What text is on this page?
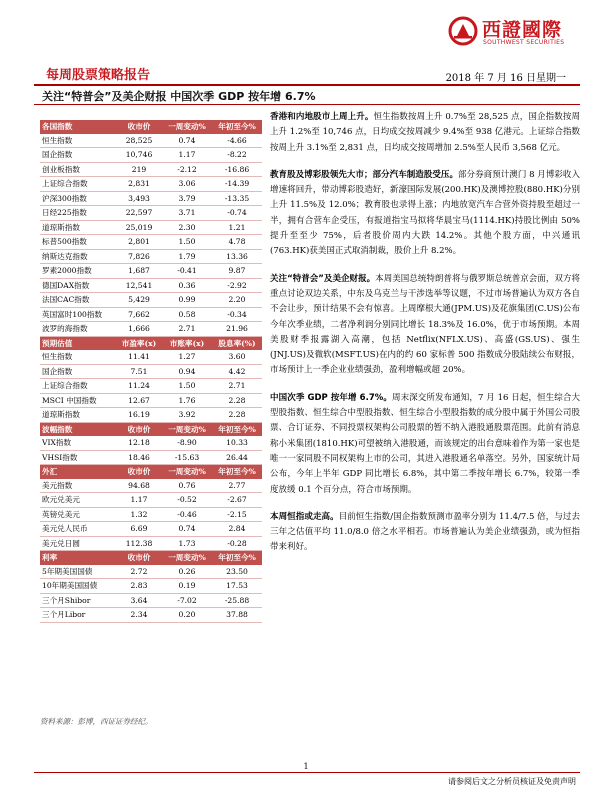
西證國際
SOUTHWEST SECURITIES
每周股票策略报告	2018 年 7 月 16 日星期一
关注“特普会”及美企财报 中国次季 GDP 按年增 6.7%
各国指数	收市价	一周变动%	年初至今%
恒生指数	28,525	0.74	-4.66
国企指数	10,746	1.17	-8.22
创业板指数	219	-2.12	-16.86
上证综合指数	2,831	3.06	-14.39
沪深300指数	3,493	3.79	-13.35
日经225指数	22,597	3.71	-0.74
道琼斯指数	25,019	2.30	1.21
标普500指数	2,801	1.50	4.78
纳斯达克指数	7,826	1.79	13.36
罗素2000指数	1,687	-0.41	9.87
德国DAX指数	12,541	0.36	-2.92
法国CAC指数	5,429	0.99	2.20
英国富时100指数	7,662	0.58	-0.34
波罗的海指数	1,666	2.71	21.96
预期估值	市盈率(x)	市账率(x)	股息率(%)
恒生指数	11.41	1.27	3.60
国企指数	7.51	0.94	4.42
上证综合指数	11.24	1.50	2.71
MSCI 中国指数	12.67	1.76	2.28
道琼斯指数	16.19	3.92	2.28
波幅指数	收市价	一周变动%	年初至今%
VIX指数	12.18	-8.90	10.33
VHSI指数	18.46	-15.63	26.44
外汇	收市价	一周变动%	年初至今%
美元指数	94.68	0.76	2.77
欧元兑美元	1.17	-0.52	-2.67
英镑兑美元	1.32	-0.46	-2.15
美元兑人民币	6.69	0.74	2.84
美元兑日圆	112.38	1.73	-0.28
利率	收市价	一周变动%	年初至今%
5年期美国国债	2.72	0.26	23.50
10年期美国国债	2.83	0.19	17.53
三个月Shibor	3.64	-7.02	-25.88
三个月Libor	2.34	0.20	37.88
资料来源：彭博，西证证券经纪。

香港和内地股市上周上升。恒生指数按周上升 0.7%至 28,525 点，国企指数按周上升 1.2%至 10,746 点，日均成交按周减少 9.4%至 938 亿港元。上证综合指数按周上升 3.1%至 2,831 点，日均成交按周增加 2.5%至人民币 3,568 亿元。

教育股及博彩股领先大市；部分汽车制造股受压。部分券商预计澳门 8 月博彩收入增速将回升，带动博彩股造好，新濠国际发展(200.HK)及澳博控股(880.HK)分别上升 11.5%及 12.0%；教育股也录得上涨；内地放宽汽车合营外资持股至超过一半，拥有合营车企受压，有报道指宝马拟将华晨宝马(1114.HK)持股比例由 50%提升至至少 75%，后者股价周内大跌 14.2%。其他个股方面，中兴通讯(763.HK)获美国正式取消制裁，股价上升 8.2%。

关注“特普会”及美企财报。本周美国总统特朗普将与俄罗斯总统普京会面，双方将重点讨论双边关系，中东及乌克兰与干涉选举等议题，不过市场普遍认为双方各自不会让步，预计结果不会有惊喜。上周摩根大通(JPM.US)及花旗集团(C.US)公布今年次季业绩，二者净利润分别同比增长 18.3%及 16.0%，优于市场预期。本周美股财季报露湖入高潮，包括 Netflix(NFLX.US)、高盛(GS.US)、强生(JNJ.US)及微软(MSFT.US)在内的约 60 家标普 500 指数成分股陆续公布财报，市场预计上一季企业业绩强劲，盈利增幅或超 20%。

中国次季 GDP 按年增 6.7%。周末深交所发布通知，7 月 16 日起，恒生综合大型股指数、恒生综合中型股指数、恒生综合小型股指数的成分股中属于外国公司股票、合订证券、不同投票权架构公司股票的暂不纳入港股通股票范围。此前有消息称小米集团(1810.HK)可望被纳入港股通，而该规定的出台意味着作为第一家也是唯一一家同股不同权架构上市的公司，其进入港股通名单落空。另外，国家统计局公布，今年上半年 GDP 同比增长 6.8%，其中第二季按年增长 6.7%，较第一季度放缓 0.1 个百分点，符合市场预期。

本周恒指或走高。目前恒生指数/国企指数预测市盈率分别为 11.4/7.5 倍，与过去三年之估值平均 11.0/8.0 倍之水平相若。市场普遍认为美企业绩强劲，或为恒指带来利好。

1
请参阅后文之分析员核证及免责声明
